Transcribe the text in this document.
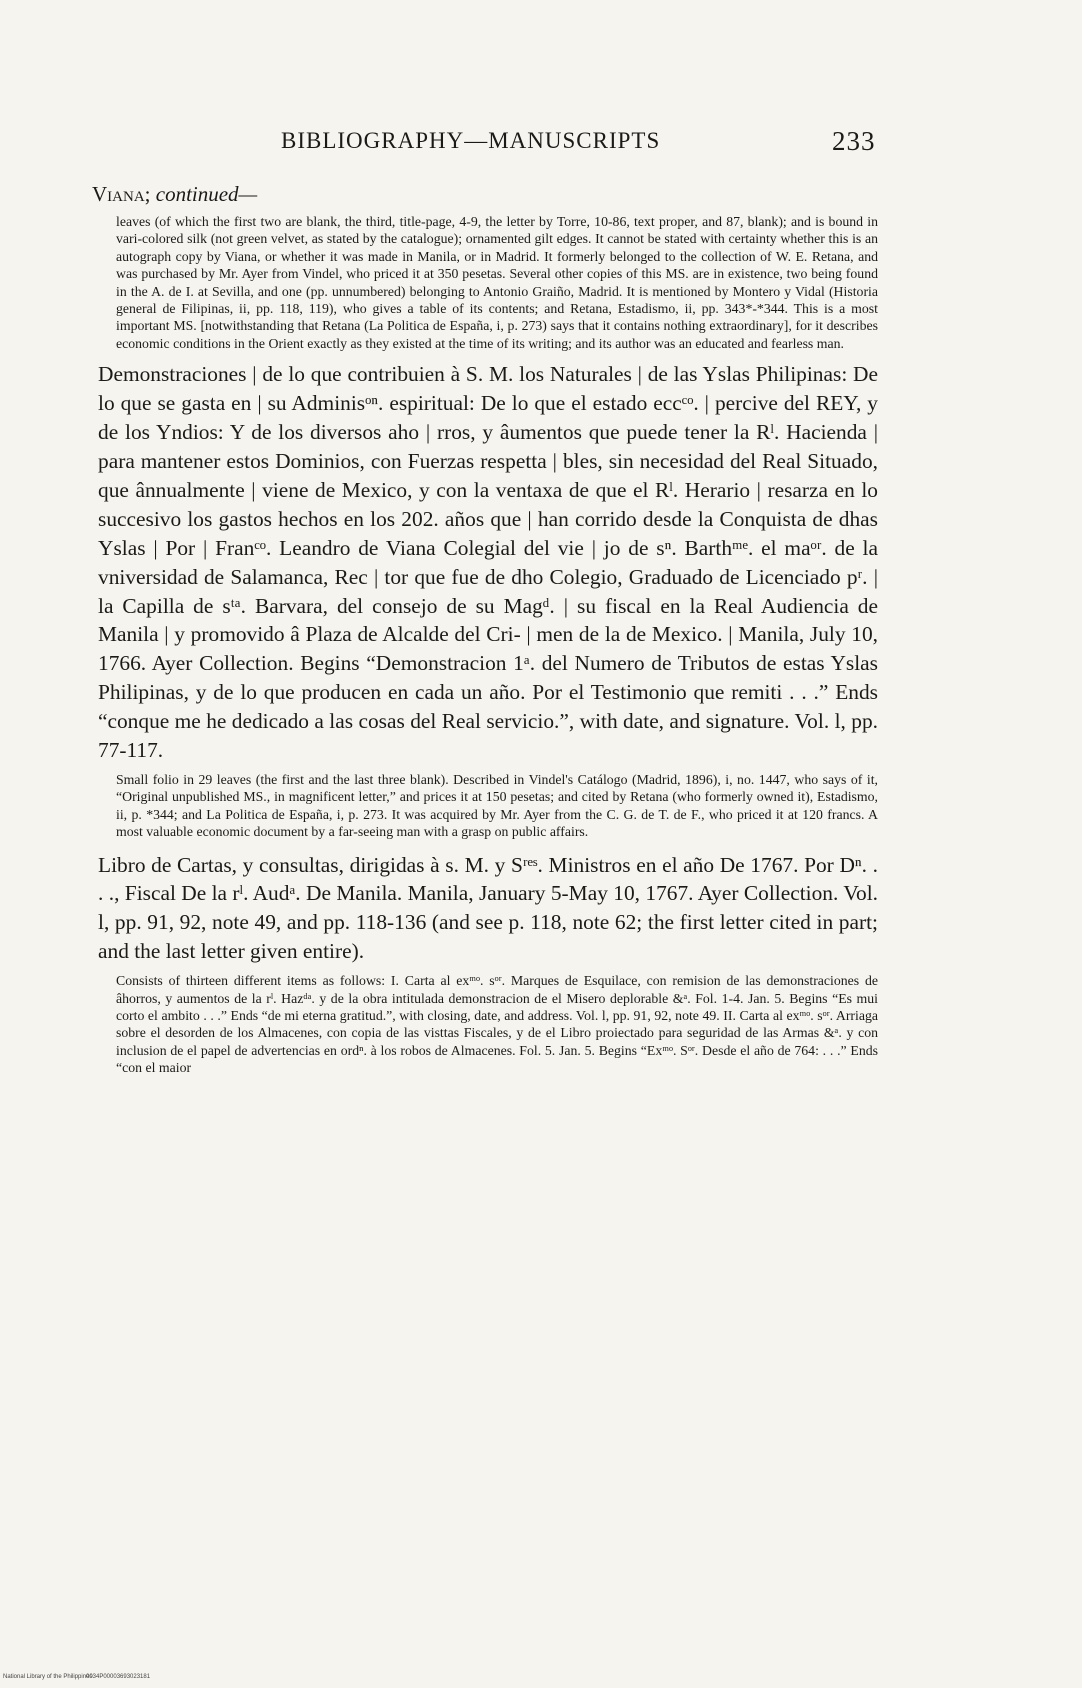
BIBLIOGRAPHY—MANUSCRIPTS	233
Viana; continued—

leaves (of which the first two are blank, the third, title-page, 4-9, the letter by Torre, 10-86, text proper, and 87, blank); and is bound in vari-colored silk (not green velvet, as stated by the catalogue); ornamented gilt edges. It cannot be stated with certainty whether this is an autograph copy by Viana, or whether it was made in Manila, or in Madrid. It formerly belonged to the collection of W. E. Retana, and was purchased by Mr. Ayer from Vindel, who priced it at 350 pesetas. Several other copies of this MS. are in existence, two being found in the A. de I. at Sevilla, and one (pp. unnumbered) belonging to Antonio Graiño, Madrid. It is mentioned by Montero y Vidal (Historia general de Filipinas, ii, pp. 118, 119), who gives a table of its contents; and Retana, Estadismo, ii, pp. 343*-*344. This is a most important MS. [notwithstanding that Retana (La Politica de España, i, p. 273) says that it contains nothing extraordinary], for it describes economic conditions in the Orient exactly as they existed at the time of its writing; and its author was an educated and fearless man.

Demonstraciones | de lo que contribuien à S. M. los Naturales | de las Yslas Philipinas: De lo que se gasta en | su Adminisᵒⁿ. espiritual: De lo que el estado eccᶜᵒ. | percive del REY, y de los Yndios: Y de los diversos aho | rros, y âumentos que puede tener la Rˡ. Hacienda | para mantener estos Dominios, con Fuerzas respetta | bles, sin necesidad del Real Situado, que ânnualmente | viene de Mexico, y con la ventaxa de que el Rˡ. Herario | resarza en lo succesivo los gastos hechos en los 202. años que | han corrido desde la Conquista de dhas Yslas | Por | Franᶜᵒ. Leandro de Viana Colegial del vie | jo de sⁿ. Barthᵐᵉ. el maᵒʳ. de la vniversidad de Salamanca, Rec | tor que fue de dho Colegio, Graduado de Licenciado pʳ. | la Capilla de sᵗᵃ. Barvara, del consejo de su Magᵈ. | su fiscal en la Real Audiencia de Manila | y promovido â Plaza de Alcalde del Cri- | men de la de Mexico. | Manila, July 10, 1766. Ayer Collection. Begins “Demonstracion 1ᵃ. del Numero de Tributos de estas Yslas Philipinas, y de lo que producen en cada un año. Por el Testimonio que remiti . . .” Ends “conque me he dedicado a las cosas del Real servicio.”, with date, and signature. Vol. l, pp. 77-117.

Small folio in 29 leaves (the first and the last three blank). Described in Vindel's Catálogo (Madrid, 1896), i, no. 1447, who says of it, “Original unpublished MS., in magnificent letter,” and prices it at 150 pesetas; and cited by Retana (who formerly owned it), Estadismo, ii, p. *344; and La Politica de España, i, p. 273. It was acquired by Mr. Ayer from the C. G. de T. de F., who priced it at 120 francs. A most valuable economic document by a far-seeing man with a grasp on public affairs.

Libro de Cartas, y consultas, dirigidas à s. M. y Sʳᵉˢ. Ministros en el año De 1767. Por Dⁿ. . . ., Fiscal De la rˡ. Audᵃ. De Manila. Manila, January 5-May 10, 1767. Ayer Collection. Vol. l, pp. 91, 92, note 49, and pp. 118-136 (and see p. 118, note 62; the first letter cited in part; and the last letter given entire).

Consists of thirteen different items as follows: I. Carta al exᵐᵒ. sᵒʳ. Marques de Esquilace, con remision de las demonstraciones de âhorros, y aumentos de la rˡ. Hazᵈᵃ. y de la obra intitulada demonstracion de el Misero deplorable &ᵃ. Fol. 1-4. Jan. 5. Begins “Es mui corto el ambito . . .” Ends “de mi eterna gratitud.”, with closing, date, and address. Vol. l, pp. 91, 92, note 49. II. Carta al exᵐᵒ. sᵒʳ. Arriaga sobre el desorden de los Almacenes, con copia de las visttas Fiscales, y de el Libro proiectado para seguridad de las Armas &ᵃ. y con inclusion de el papel de advertencias en ordⁿ. à los robos de Almacenes. Fol. 5. Jan. 5. Begins “Exᵐᵒ. Sᵒʳ. Desde el año de 764: . . .” Ends “con el maior

National Library of the Philippines
0034P00003693023181
